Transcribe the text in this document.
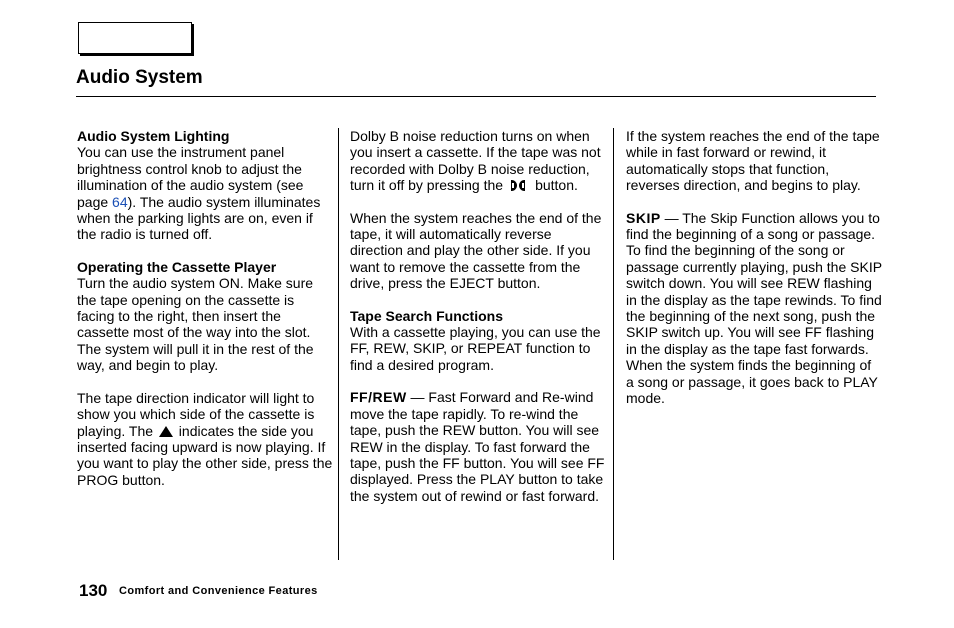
Audio System

Audio System Lighting
You can use the instrument panel brightness control knob to adjust the illumination of the audio system (see page 64). The audio system illuminates when the parking lights are on, even if the radio is turned off.

Operating the Cassette Player
Turn the audio system ON. Make sure the tape opening on the cassette is facing to the right, then insert the cassette most of the way into the slot. The system will pull it in the rest of the way, and begin to play.

The tape direction indicator will light to show you which side of the cassette is playing. The indicates the side you inserted facing upward is now playing. If you want to play the other side, press the PROG button.

Dolby B noise reduction turns on when you insert a cassette. If the tape was not recorded with Dolby B noise reduction, turn it off by pressing the button.

When the system reaches the end of the tape, it will automatically reverse direction and play the other side. If you want to remove the cassette from the drive, press the EJECT button.

Tape Search Functions
With a cassette playing, you can use the FF, REW, SKIP, or REPEAT function to find a desired program.

FF/REW — Fast Forward and Re-wind move the tape rapidly. To re-wind the tape, push the REW button. You will see REW in the display. To fast forward the tape, push the FF button. You will see FF displayed. Press the PLAY button to take the system out of rewind or fast forward.

If the system reaches the end of the tape while in fast forward or rewind, it automatically stops that function, reverses direction, and begins to play.

SKIP — The Skip Function allows you to find the beginning of a song or passage. To find the beginning of the song or passage currently playing, push the SKIP switch down. You will see REW flashing in the display as the tape rewinds. To find the beginning of the next song, push the SKIP switch up. You will see FF flashing in the display as the tape fast forwards. When the system finds the beginning of a song or passage, it goes back to PLAY mode.

130 Comfort and Convenience Features
